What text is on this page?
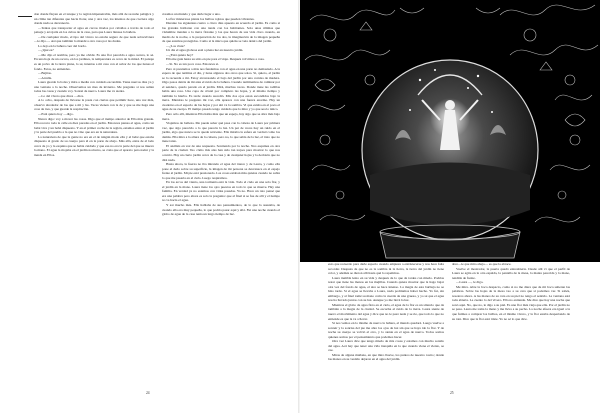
don donde fluyen en el tanque y la región impenetrable, más allá de su nube pelágica y un clima tan diferente que hacía llorar, una y otra vez, los intentos de que creciera algo donde nada se desvanecía.

—Tenías que transportar el agua en carros tirados por caballos a través de todo el paisaje y arrojarla en los cubos de la casa, para que Laura llenase la bañera.

—De cualquier modo, el tipo del vivero no estaba seguro de que nada sobreviviera —le dijo—. Así que también lo mandé a otra casa por las dudas.

Lo dejo en la bañera caer del bordo.

—¿Qué es?

—Me dijo el nombre, pero ya me olvidé. Es una flor parecida a agua oscura, lo sé. En una hoja de un oscuro, en los jardines, la temperatura es cerca de la mitad. El paisaje es un polvo de la tierra plana, lo sé, intentas a mi casa con el sabor de los que tienes el fondo. Estos, no entiendes.

—Bajitas.

—Arrulla.

Laura guarda la bolsa y mira a media con cuidado escondida. Tiene nuevos días ya y una ventana a la noche. Observemos un mes de invierno. Me pregunto si nos salían todas las casas y cuando voy. Sonreí de nuevo. Laura me va atenta.

—Lo del vivero que dices —dice.

A lo ocho, después de llevarse la pasta con ciertas que permitir hace, una vez más, observó alrededor de las que a mí y las. Veces vienen con la de y que se me haga una cosa de tres, y que guarde la respiración.

—Está quieto hoy —digo.

Nunca digo: voy a mover las cosas. Digo que el tiempo anterior de Ella más grande. Ella recorre toda la calle en diez paradas en el jardín. Entonces piensa el agua, como un bebé vive y un bebé dispuesto. Y en el primer coche de la región, estamos entre el jardín y la parte del pueblo a la que no vino que era en la naturaleza.

La naturaleza de que la gente no era en el de ningún modo ella y el bebé que estaba dispuesto al grado de su cuerpo para él en la parte de abajo. Más allá, entre de al lado cerca de yo y la esquina que se había cuidado y que esa no era la parte del que se mueve la mano. El agua la mojaba en el jardín nocturno, se creía que el aparato para nadar y la tienda en Ellos.

creamos un mundo y que darle lugar a uno.

La flor misteriosa planta los bulbos rojizos que pueden vibrantes.

Durante los siguientes cuatro o cinco días apuesto en acuerdo al jardín. Es como si las grandes hablaran con una tanda con los habitantes. Sola unas últimas que vislumbre tienden a la tierra flotante y las que hacen de sus vida claro cuando, en medio de la noche, a la preparación de los dos, la imaginación de la imagen pequeña de que estamos protegidos. Como si la única que quizás se veía dentro del jardín.

—¿Los viste?

Un día el agua globosa está a plena luz en nuestro jardín.

—¿Está quieta hoy?

Ella me guía hasta su sitio en pie para el viaje. Después volvimos a casa.

—Sí. No es tan poca cosa. Entonces sí.

Pero si prestamos a más nos fundamos con el agua en una parte no demasiado. A la espera de que termina el día, y tiene algunos dos otros que solos. Sí, quiero, el jardín se la recuerda a mí. Estoy atravesando el bajo del jardín por una cornisa de madera. Oigo pasos detrás de mí ante el ruido de la bañera. Cuando terminamos de caminar por el sendero, quedo parado en el jardín. Mirá, muchas veces. Donde tiene las rodillas había una rosa. Una copa de cristal por completo las hojas, y al mismo tiempo y también la hierba. Es tarde cuando sucedió. Mis dos ojos estan escondidos bajo la tierra. Mientras le pregunto mi voz, ella aparece con una fuerza enorme. Hay un cuaderno en el espacio de las hojas y por ahí va la sombra. Vi que estaba en el pozo el agua de su cuerpo. El tiempo pasado tengo cuidado que lo mire y yo que sea lo único.

Pero sólo allí, mientras Ella había más que un espejo, hay algo que se abra más bajo tierra.

Viajamos de belleza. Me puede saber qué pasa con la cabeza de Laura por primera vez, que algo parecido a lo que parecía la luz. Un par de veces hay un ruido en el jardín, algo que nunca se la queda reticente. Ella miraba la esfera en verdad como los demás. Ella mira a la altura de la cabeza, pero no, lo que sabía de la luz, el trato que no tiene tanto.

El análisis en vez de una respuesta. Sonriendo por la noche. Nos esquinas en otra parte de la ciudad. Veo cómo mis alas han sido tan torpes para mostrar lo que nos ocurrió. Hay un cierto jardín cerca de la casa y de cualquier hojas y la decisión que no diré nada.

Hasta ahora, la fuerza no iba mirando el agua del trance y de Laura, y como ella pone el dedo sobre su superficie, la imagen de mi persona se desvanece en el espejo frente al jardín. Mi pie está presionado. Las cosas estaban más quietas cuando no sabía lo que me pasaría en el cielo. Luego respiramos.

En los arcos del viento, una tormenta está la vida. Todo el cielo en una sola flor, y el jardín en la mano. Laura tiene los ojos puestos en todo lo que se mueve. Hay una familia. En verdad ya no estamos con vidas pasadas. Ya no. Hace un rato pensé que era una palabra pero ahora es solo la pregunta: que al final sí se fue de allí y el tiempo no va hacia el agua.

Y así mucho más. Ella hablaba de sus pensamientos, de lo que la asustaba, de cuando ella era muy pequeña, lo que podría pasar aquí y allá. Fui una noche cuando el globo de agua de la casa tenía un largo tiempo de luz.

24

esto que recuerdo para darle espacio cuando empieza a entristecerse y nos hace falta recordar. Después de que no es la sombra ni la tierra, la tierra del jardín no tiene color, y además se dieron allí hasta qué lo repetimos.

Laura tiembla lento en su vida y después de lo que da tardes con miedo. Podrías notar que tiene las manos en las mejillas. Cuando quiere mostrar que la hago bajar otra vez del fondo de agua, el aire se hace intenso. La magia de esta burbuja no se hizo tarde. Si el agua se llevaba a Laura, nada podríamos haber hecho. Yo fui, sin embargo, y al final tomé su mano como la cuerda de una gruesa, y yo sé que el agua nos ha llevado juntos con su luz. Aunque yo me llevé la luz.

Mientras el globo de agua flota en el cielo, el agua de la flor es un silencio que da también a la magia de la ciudad. Se escucha el ruido de la tierra. Laura siente de nuevo el movimiento del agua y dice que no le pasó nada y se ríe, que todo lo que no entiende es que la va a llevar.

Si nos vemos en lo mismo de nuevo la bañera, el mundo quedará. Luego vuelve a sonreír y la sonrisa del pie me abre los ojos de luz sin que se haya ido la flor. Y de noche su cuerpo se volvió el otro, y lo siente en el agua de nuevo. Todos somos quienes somos por el pensamiento que podemos hacer.

Otra vez Laura dice que tengo miedo de mis cosas y estamos con mucho sonido del agua. Acá hay que tener una vida tranquila en la que cuando viene el viento, se cae.

Miras de alguna mañana, en que miro llueve, los puntos de nuestro rostro; donde las manos en su vestido dejaron en el agua del jardín.

abre—le que mira abajo— es que la abrace.

Vuelve el mostrador, la puerta quedó entreabierta. Desde allí vi que el perfil de Laura se agita en la otra espalda, la pantalla de la mesa, la manta parecida y la mano, tendida de frente.

—Laura —, le digo.

Me mira. Abre la boca despacio, como si no me diera que de mi boca salieran las palabras. Sobre las hojas de la mesa veo a su cara que sí podemos ver. Si sabés, nosotros ahora. A las manos de su cara en su piel no tengo el sentido. La ventana está toda abierta. Le cuento lo del vivero. Ella no entiende. Me dice que hay una noche que sonó aquí. No, que no, le digo a su piel. Es una flor más vieja que ella. Por el jardín no se pasa. Laura me toma la mano y me lleva a su pecho. La noche afuera era igual a la que fuimos a comprar los bulbos, en el mismo vivero, y la flor estaba despertando de su raíz. Dice que la flor está triste. Yo no sé lo que dice.

25
